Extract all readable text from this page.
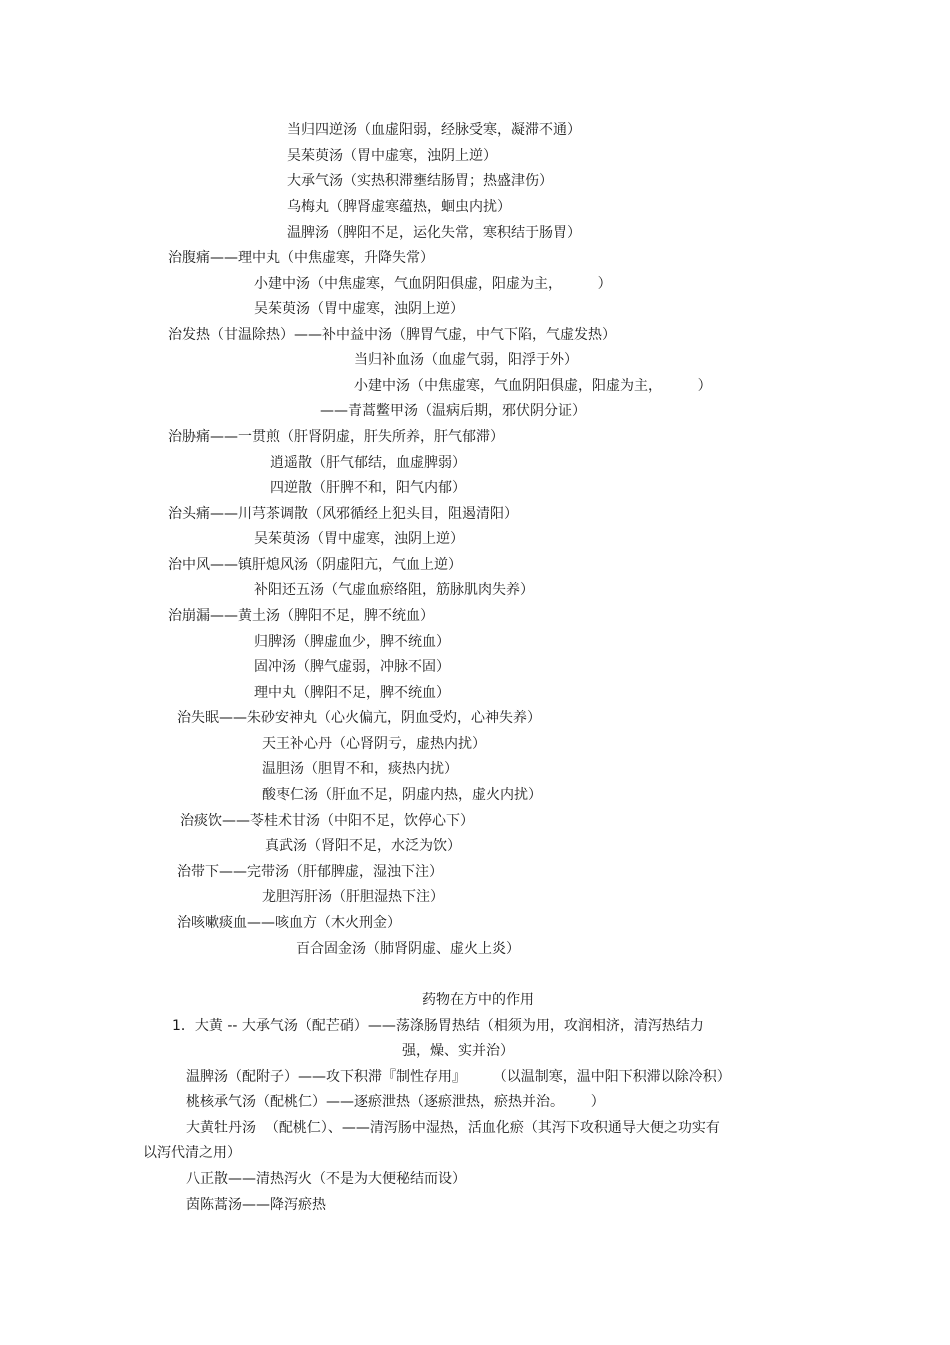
当归四逆汤（血虚阳弱，经脉受寒，凝滞不通）

吴茱萸汤（胃中虚寒，浊阴上逆）

大承气汤（实热积滞壅结肠胃；热盛津伤）

乌梅丸（脾肾虚寒蕴热，蛔虫内扰）

温脾汤（脾阳不足，运化失常，寒积结于肠胃）

治腹痛——理中丸（中焦虚寒，升降失常）

小建中汤（中焦虚寒，气血阴阳俱虚，阳虚为主，        ）

吴茱萸汤（胃中虚寒，浊阴上逆）

治发热（甘温除热）——补中益中汤（脾胃气虚，中气下陷，气虚发热）

当归补血汤（血虚气弱，阳浮于外）

小建中汤（中焦虚寒，气血阴阳俱虚，阳虚为主，        ）

——青蒿鳖甲汤（温病后期，邪伏阴分证）

治胁痛——一贯煎（肝肾阴虚，肝失所养，肝气郁滞）

逍遥散（肝气郁结，血虚脾弱）

四逆散（肝脾不和，阳气内郁）

治头痛——川芎茶调散（风邪循经上犯头目，阻遏清阳）

吴茱萸汤（胃中虚寒，浊阴上逆）

治中风——镇肝熄风汤（阴虚阳亢，气血上逆）

补阳还五汤（气虚血瘀络阻，筋脉肌肉失养）

治崩漏——黄土汤（脾阳不足，脾不统血）

归脾汤（脾虚血少，脾不统血）

固冲汤（脾气虚弱，冲脉不固）

理中丸（脾阳不足，脾不统血）

治失眠——朱砂安神丸（心火偏亢，阴血受灼，心神失养）

天王补心丹（心肾阴亏，虚热内扰）

温胆汤（胆胃不和，痰热内扰）

酸枣仁汤（肝血不足，阴虚内热，虚火内扰）

治痰饮——苓桂术甘汤（中阳不足，饮停心下）

真武汤（肾阳不足，水泛为饮）

治带下——完带汤（肝郁脾虚，湿浊下注）

龙胆泻肝汤（肝胆湿热下注）

治咳嗽痰血——咳血方（木火刑金）

百合固金汤（肺肾阴虚、虚火上炎）

药物在方中的作用

1．大黄 -- 大承气汤（配芒硝）——荡涤肠胃热结（相须为用，攻润相济，清泻热结力

强，燥、实并治）

温脾汤（配附子）——攻下积滞『制性存用』      （以温制寒，温中阳下积滞以除冷积）

桃核承气汤（配桃仁）——逐瘀泄热（逐瘀泄热，瘀热并治。      ）

大黄牡丹汤  （配桃仁）、——清泻肠中湿热，活血化瘀（其泻下攻积通导大便之功实有

以泻代清之用）

八正散——清热泻火（不是为大便秘结而设）

茵陈蒿汤——降泻瘀热
